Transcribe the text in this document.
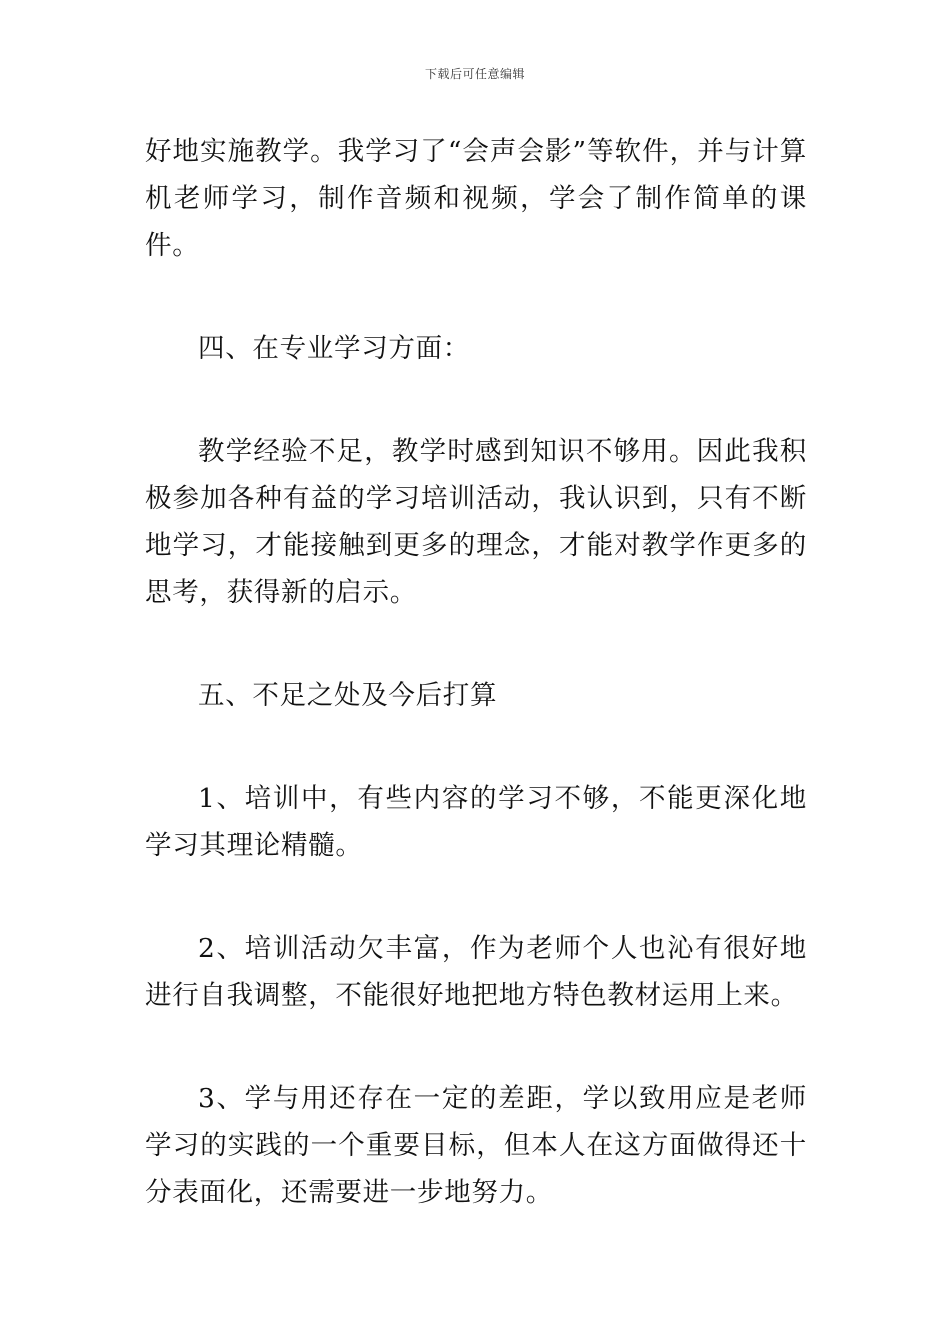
下载后可任意编辑

好地实施教学。我学习了“会声会影”等软件，并与计算机老师学习，制作音频和视频，学会了制作简单的课件。

四、在专业学习方面：

教学经验不足，教学时感到知识不够用。因此我积极参加各种有益的学习培训活动，我认识到，只有不断地学习，才能接触到更多的理念，才能对教学作更多的思考，获得新的启示。

五、不足之处及今后打算

1、培训中，有些内容的学习不够，不能更深化地学习其理论精髓。

2、培训活动欠丰富，作为老师个人也沁有很好地进行自我调整，不能很好地把地方特色教材运用上来。

3、学与用还存在一定的差距，学以致用应是老师学习的实践的一个重要目标，但本人在这方面做得还十分表面化，还需要进一步地努力。
